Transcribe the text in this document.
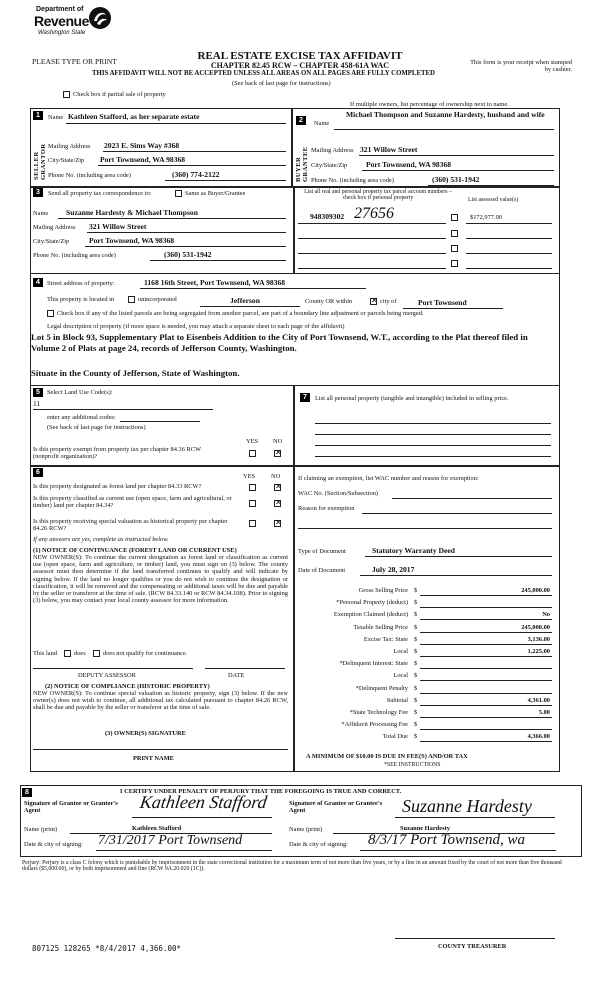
Department of
Revenue
Washington State
PLEASE TYPE OR PRINT	REAL ESTATE EXCISE TAX AFFIDAVIT
CHAPTER 82.45 RCW – CHAPTER 458-61A WAC
THIS AFFIDAVIT WILL NOT BE ACCEPTED UNLESS ALL AREAS ON ALL PAGES ARE FULLY COMPLETED
(See back of last page for instructions)
This form is your receipt when stamped by cashier.
Check box if partial sale of property
If multiple owners, list percentage of ownership next to name.
1
2
SELLER GRANTOR	BUYER GRANTEE
Name Kathleen Stafford, as her separate estate
Mailing Address 2023 E. Sims Way #368
City/State/Zip Port Townsend, WA 98368
Phone No. (including area code)	(360) 774-2122
Michael Thompson and Suzanne Hardesty, husband and wife
Name
Mailing Address 321 Willow Street
City/State/Zip Port Townsend, WA 98368
Phone No. (including area code)	(360) 531-1942
3	Send all property tax correspondence to:	Same as Buyer/Grantee
Name Suzanne Hardesty & Michael Thompson
Mailing Address 321 Willow Street
City/State/Zip	Port Townsend, WA 98368
Phone No. (including area code)	(360) 531-1942
List all real and personal property tax parcel account numbers – check box if personal property	List assessed value(s)
948309302 27656	$172,977.00
4	Street address of property:	1168 16th Street, Port Townsend, WA 98368
This property is located in	unincorporated	Jefferson	County OR within
✕	city of	Port Townsend
Check box if any of the listed parcels are being segregated from another parcel, are part of a boundary line adjustment or parcels being merged.
Legal description of property (if more space is needed, you may attach a separate sheet to each page of the affidavit)
Lot 5 in Block 93, Supplementary Plat to Eisenbeis Addition to the City of Port Townsend, W.T., according to the Plat thereof filed in Volume 2 of Plats at page 24, records of Jefferson County, Washington.
Situate in the County of Jefferson, State of Washington.
5
7
Select Land Use Code(s):
11
enter any additional codes:
(See back of last page for instructions)
YES NO
Is this property exempt from property tax per chapter 84.36 RCW (nonprofit organization)?
✕
List all personal property (tangible and intangible) included in selling price.
6
YES NO
Is this property designated as forest land per chapter 84.33 RCW?
✕
Is this property classified as current use (open space, farm and agricultural, or timber) land per chapter 84.34?
✕
Is this property receiving special valuation as historical property per chapter 84.26 RCW?
✕
If any answers are yes, complete as instructed below.
(1) NOTICE OF CONTINUANCE (FOREST LAND OR CURRENT USE)
NEW OWNER(S): To continue the current designation as forest land or classification as current use (open space, farm and agriculture, or timber) land, you must sign on (3) below. The county assessor must then determine if the land transferred continues to qualify and will indicate by signing below. If the land no longer qualifies or you do not wish to continue the designation or classification, it will be removed and the compensating or additional taxes will be due and payable by the seller or transferor at the time of sale. (RCW 84.33.140 or RCW 84.34.108). Prior to signing (3) below, you may contact your local county assessor for more information.
This land	does	does not qualify for continuance.
DEPUTY ASSESSOR	DATE
(2) NOTICE OF COMPLIANCE (HISTORIC PROPERTY)
NEW OWNER(S): To continue special valuation as historic property, sign (3) below. If the new owner(s) does not wish to continue, all additional tax calculated pursuant to chapter 84.26 RCW, shall be due and payable by the seller or transferor at the time of sale.
(3) OWNER(S) SIGNATURE
PRINT NAME
If claiming an exemption, list WAC number and reason for exemption:
WAC No. (Section/Subsection)
Reason for exemption
Type of Document	Statutory Warranty Deed
Date of Document	July 28, 2017
Gross Selling Price $	245,000.00
*Personal Property (deduct) $
Exemption Claimed (deduct) $	No
Taxable Selling Price $	245,000.00
Excise Tax: State $	3,136.00
Local $	1,225.00
*Delinquent Interest: State $
Local $
*Delinquent Penalty $
Subtotal $	4,361.00
*State Technology Fee $	5.00
*Affidavit Processing Fee $
Total Due $	4,366.00
A MINIMUM OF $10.00 IS DUE IN FEE(S) AND/OR TAX
*SEE INSTRUCTIONS
8	I CERTIFY UNDER PENALTY OF PERJURY THAT THE FOREGOING IS TRUE AND CORRECT.
Signature of Grantor or Grantor's Agent	Kathleen Stafford	Signature of Grantee or Grantee's Agent	Suzanne Hardesty
Name (print)	Kathleen Stafford	Name (print)	Suzanne Hardesty
Date & city of signing: 7/31/2017 Port Townsend	Date & city of signing: 8/3/17 Port Townsend, wa
Perjury: Perjury is a class C felony which is punishable by imprisonment in the state correctional institution for a maximum term of not more than five years, or by a fine in an amount fixed by the court of not more than five thousand dollars ($5,000.00), or by both imprisonment and fine (RCW 9A.20.020 (1C)).
807125 128265 *8/4/2017 4,366.00*	COUNTY TREASURER
